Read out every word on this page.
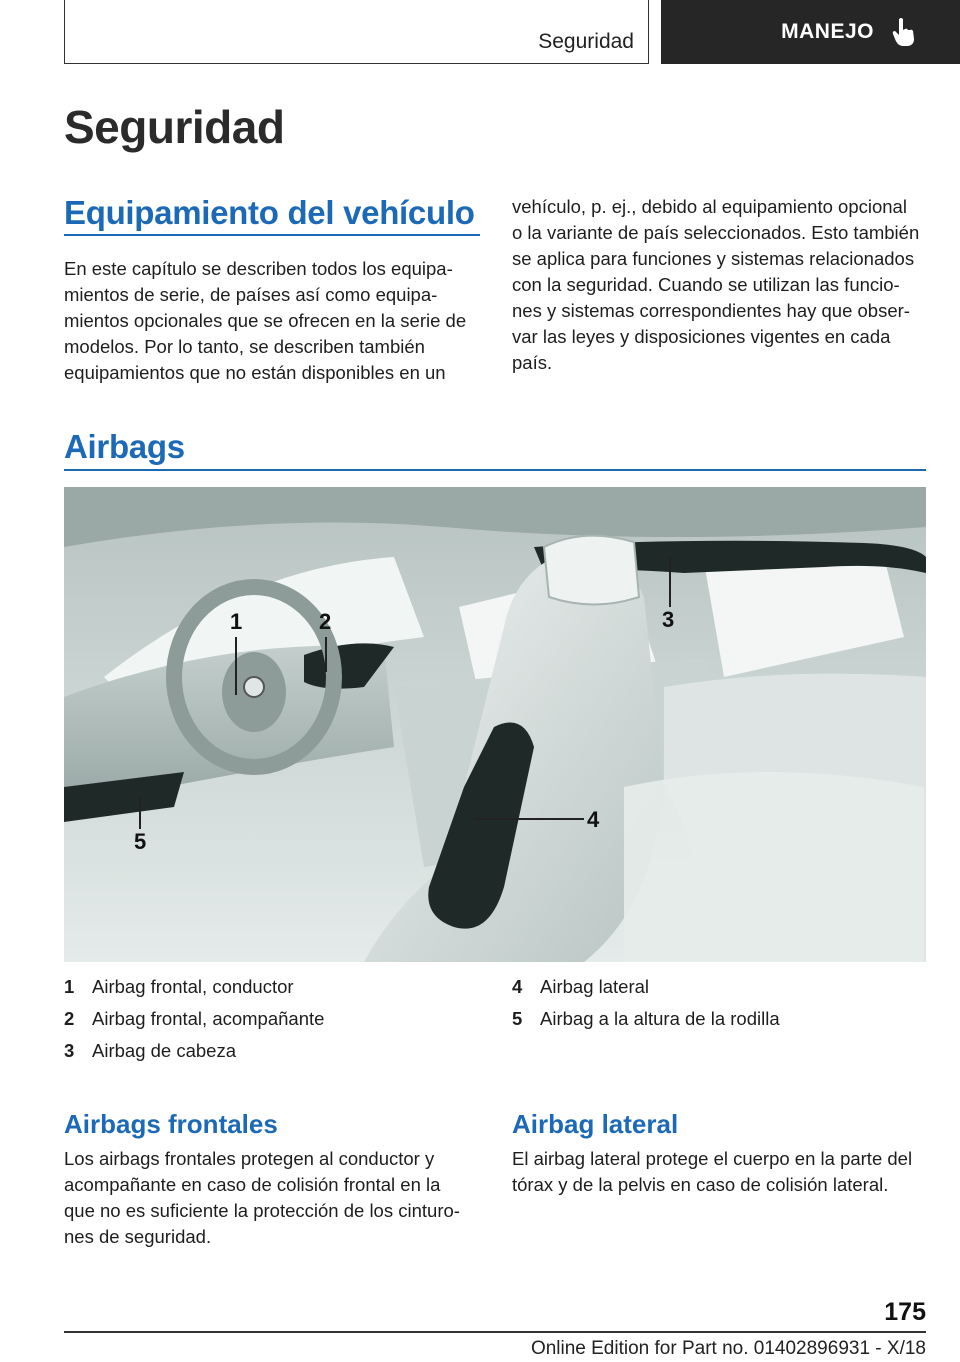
Seguridad	MANEJO
Seguridad
Equipamiento del vehículo

En este capítulo se describen todos los equipa-

mientos de serie, de países así como equipa-

mientos opcionales que se ofrecen en la serie de

modelos. Por lo tanto, se describen también

equipamientos que no están disponibles en un

vehículo, p. ej., debido al equipamiento opcional

o la variante de país seleccionados. Esto también

se aplica para funciones y sistemas relacionados

con la seguridad. Cuando se utilizan las funcio-

nes y sistemas correspondientes hay que obser-

var las leyes y disposiciones vigentes en cada

país.

Airbags
1	2	3
4
5
1 Airbag frontal, conductor
2 Airbag frontal, acompañante
3 Airbag de cabeza
4 Airbag lateral
5 Airbag a la altura de la rodilla
Airbags frontales

Los airbags frontales protegen al conductor y

acompañante en caso de colisión frontal en la

que no es suficiente la protección de los cinturo-

nes de seguridad.

Airbag lateral

El airbag lateral protege el cuerpo en la parte del

tórax y de la pelvis en caso de colisión lateral.

175
Online Edition for Part no. 01402896931 - X/18
